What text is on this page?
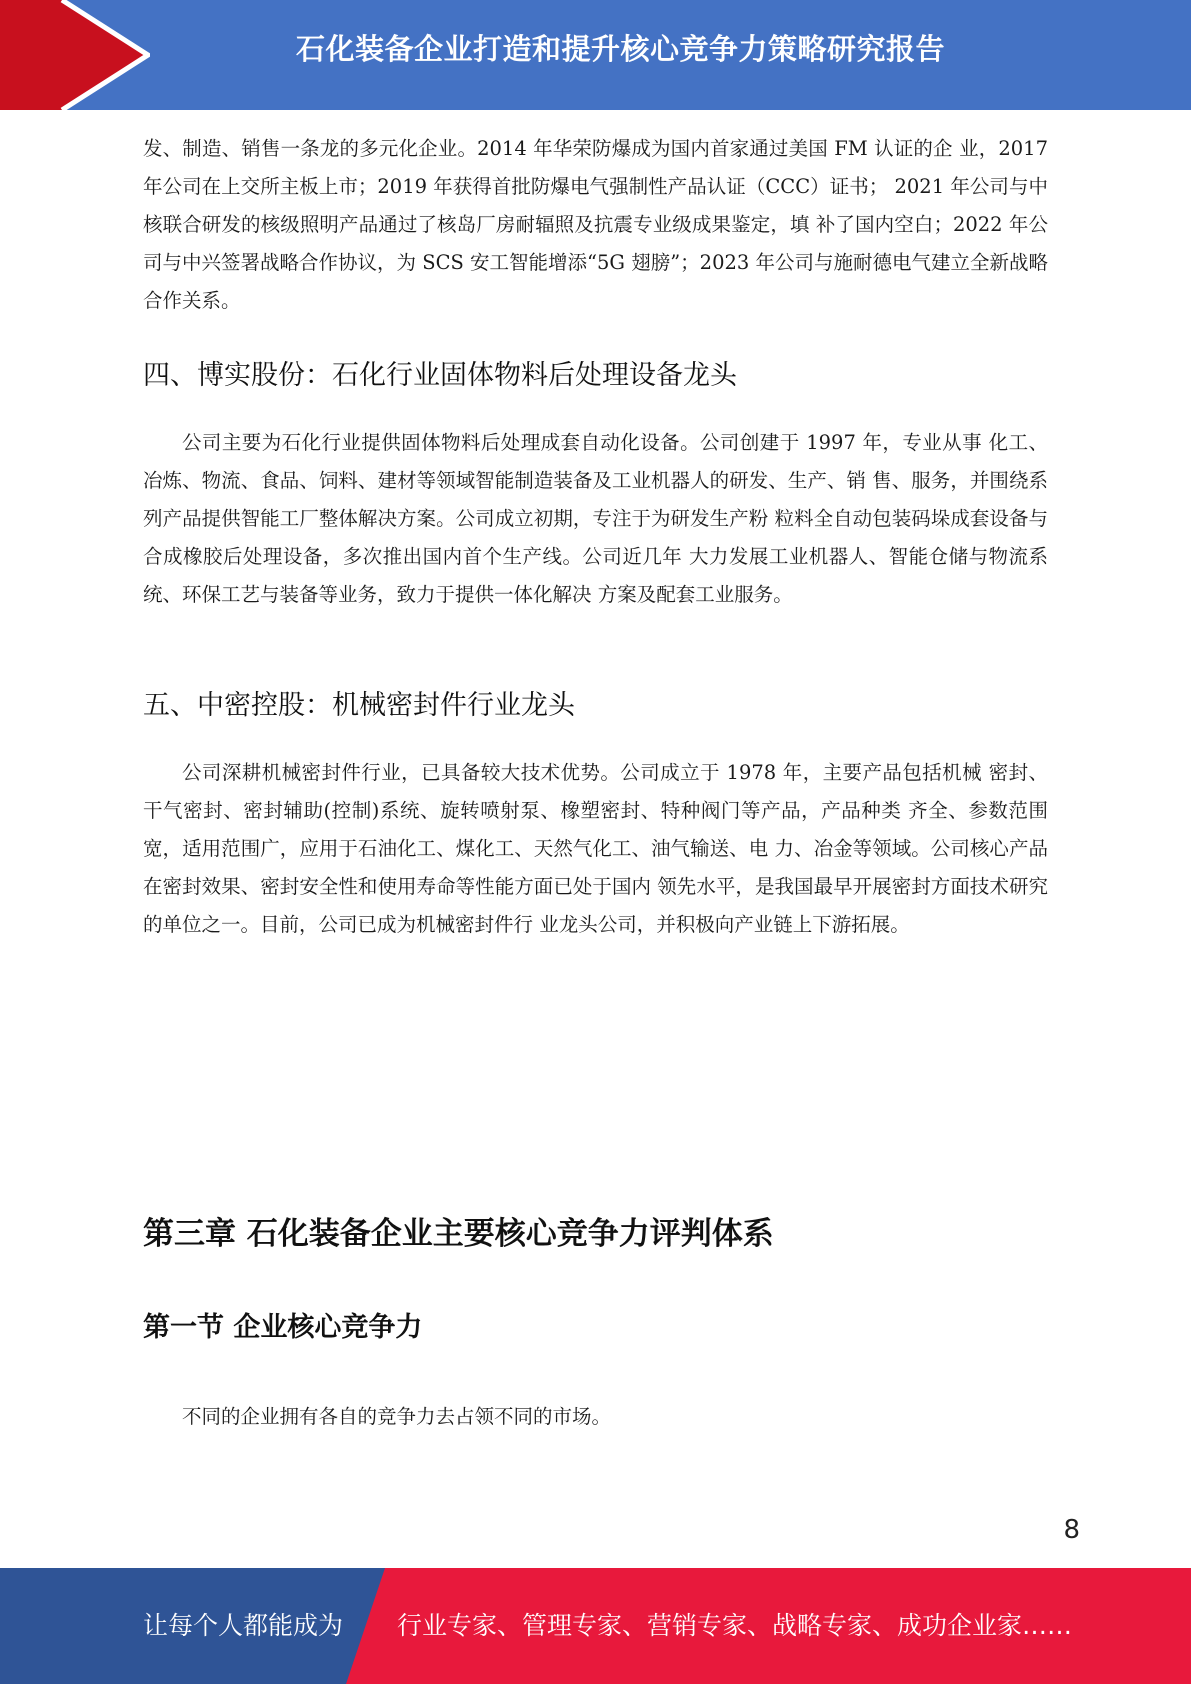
石化装备企业打造和提升核心竞争力策略研究报告

发、制造、销售一条龙的多元化企业。2014 年华荣防爆成为国内首家通过美国 FM 认证的企 业，2017 年公司在上交所主板上市；2019 年获得首批防爆电气强制性产品认证（CCC）证书； 2021 年公司与中核联合研发的核级照明产品通过了核岛厂房耐辐照及抗震专业级成果鉴定，填 补了国内空白；2022 年公司与中兴签署战略合作协议，为 SCS 安工智能增添“5G 翅膀”；2023 年公司与施耐德电气建立全新战略合作关系。

四、博实股份：石化行业固体物料后处理设备龙头

公司主要为石化行业提供固体物料后处理成套自动化设备。公司创建于 1997 年，专业从事 化工、冶炼、物流、食品、饲料、建材等领域智能制造装备及工业机器人的研发、生产、销 售、服务，并围绕系列产品提供智能工厂整体解决方案。公司成立初期，专注于为研发生产粉 粒料全自动包装码垛成套设备与合成橡胶后处理设备，多次推出国内首个生产线。公司近几年 大力发展工业机器人、智能仓储与物流系统、环保工艺与装备等业务，致力于提供一体化解决 方案及配套工业服务。

五、中密控股：机械密封件行业龙头

公司深耕机械密封件行业，已具备较大技术优势。公司成立于 1978 年，主要产品包括机械 密封、干气密封、密封辅助(控制)系统、旋转喷射泵、橡塑密封、特种阀门等产品，产品种类 齐全、参数范围宽，适用范围广，应用于石油化工、煤化工、天然气化工、油气输送、电 力、冶金等领域。公司核心产品在密封效果、密封安全性和使用寿命等性能方面已处于国内 领先水平，是我国最早开展密封方面技术研究的单位之一。目前，公司已成为机械密封件行 业龙头公司，并积极向产业链上下游拓展。

第三章 石化装备企业主要核心竞争力评判体系
第一节 企业核心竞争力

不同的企业拥有各自的竞争力去占领不同的市场。

8
让每个人都能成为 行业专家、管理专家、营销专家、战略专家、成功企业家……
